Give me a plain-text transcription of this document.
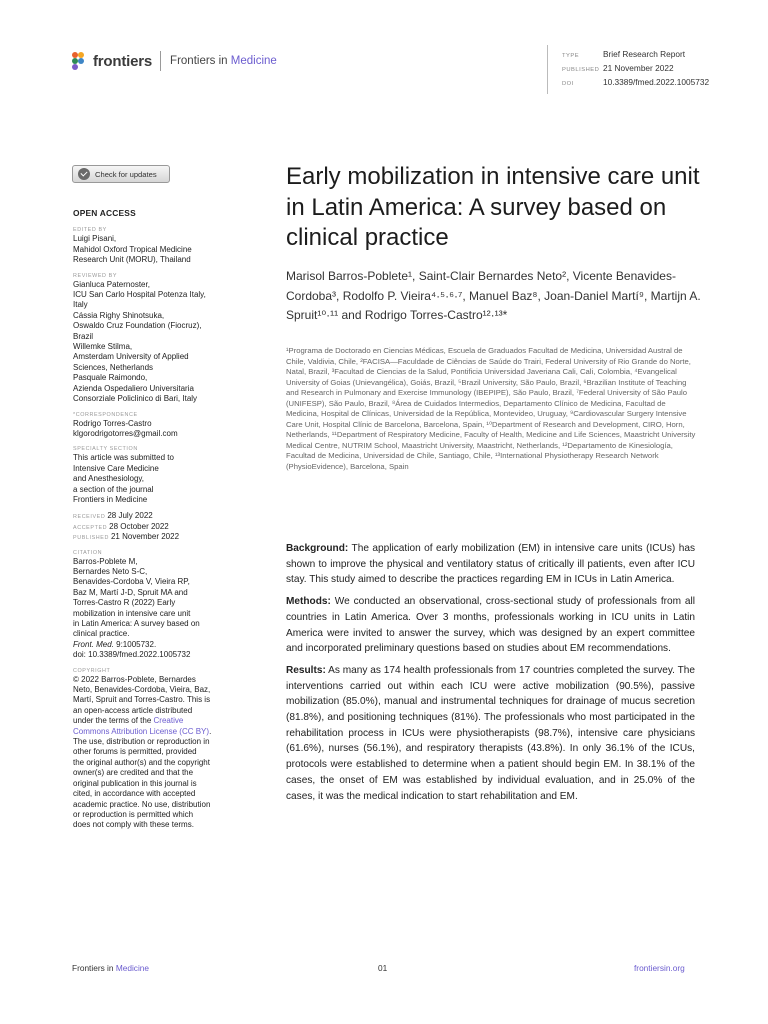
frontiers Frontiers in Medicine	TYPE	Brief Research Report
PUBLISHED 21 November 2022
DOI	10.3389/fmed.2022.1005732
Check for updates
OPEN ACCESS
EDITED BY
Luigi Pisani,
Mahidol Oxford Tropical Medicine
Research Unit (MORU), Thailand
REVIEWED BY
Gianluca Paternoster,
ICU San Carlo Hospital Potenza Italy,
Italy
Cássia Righy Shinotsuka,
Oswaldo Cruz Foundation (Fiocruz),
Brazil
Willemke Stilma,
Amsterdam University of Applied
Sciences, Netherlands
Pasquale Raimondo,
Azienda Ospedaliero Universitaria
Consorziale Policlinico di Bari, Italy
*CORRESPONDENCE
Rodrigo Torres-Castro
klgorodrigotorres@gmail.com
SPECIALTY SECTION
This article was submitted to
Intensive Care Medicine
and Anesthesiology,
a section of the journal
Frontiers in Medicine
RECEIVED 28 July 2022
ACCEPTED 28 October 2022
PUBLISHED 21 November 2022
CITATION
Barros-Poblete M,
Bernardes Neto S-C,
Benavides-Cordoba V, Vieira RP,
Baz M, Martí J-D, Spruit MA and
Torres-Castro R (2022) Early
mobilization in intensive care unit
in Latin America: A survey based on
clinical practice.
Front. Med. 9:1005732.
doi: 10.3389/fmed.2022.1005732
COPYRIGHT
© 2022 Barros-Poblete, Bernardes
Neto, Benavides-Cordoba, Vieira, Baz,
Martí, Spruit and Torres-Castro. This is
an open-access article distributed
under the terms of the Creative
Commons Attribution License (CC BY).
The use, distribution or reproduction in
other forums is permitted, provided
the original author(s) and the copyright
owner(s) are credited and that the
original publication in this journal is
cited, in accordance with accepted
academic practice. No use, distribution
or reproduction is permitted which
does not comply with these terms.
Early mobilization in intensive care unit in Latin America: A survey based on clinical practice
Marisol Barros-Poblete¹, Saint-Clair Bernardes Neto², Vicente Benavides-Cordoba³, Rodolfo P. Vieira⁴·⁵·⁶·⁷, Manuel Baz⁸, Joan-Daniel Martí⁹, Martijn A. Spruit¹⁰·¹¹ and Rodrigo Torres-Castro¹²·¹³*
¹Programa de Doctorado en Ciencias Médicas, Escuela de Graduados Facultad de Medicina, Universidad Austral de Chile, Valdivia, Chile, ²FACISA—Faculdade de Ciências de Saúde do Trairi, Federal University of Rio Grande do Norte, Natal, Brazil, ³Facultad de Ciencias de la Salud, Pontificia Universidad Javeriana Cali, Cali, Colombia, ⁴Evangelical University of Goias (Unievangélica), Goiás, Brazil, ⁵Brazil University, São Paulo, Brazil, ⁶Brazilian Institute of Teaching and Research in Pulmonary and Exercise Immunology (IBEPIPE), São Paulo, Brazil, ⁷Federal University of São Paulo (UNIFESP), São Paulo, Brazil, ⁸Área de Cuidados Intermedios, Departamento Clínico de Medicina, Facultad de Medicina, Hospital de Clínicas, Universidad de la República, Montevideo, Uruguay, ⁹Cardiovascular Surgery Intensive Care Unit, Hospital Clínic de Barcelona, Barcelona, Spain, ¹⁰Department of Research and Development, CIRO, Horn, Netherlands, ¹¹Department of Respiratory Medicine, Faculty of Health, Medicine and Life Sciences, Maastricht University Medical Centre, NUTRIM School, Maastricht University, Maastricht, Netherlands, ¹²Departamento de Kinesiología, Facultad de Medicina, Universidad de Chile, Santiago, Chile, ¹³International Physiotherapy Research Network (PhysioEvidence), Barcelona, Spain

Background: The application of early mobilization (EM) in intensive care units (ICUs) has shown to improve the physical and ventilatory status of critically ill patients, even after ICU stay. This study aimed to describe the practices regarding EM in ICUs in Latin America.

Methods: We conducted an observational, cross-sectional study of professionals from all countries in Latin America. Over 3 months, professionals working in ICU units in Latin America were invited to answer the survey, which was designed by an expert committee and incorporated preliminary questions based on studies about EM recommendations.

Results: As many as 174 health professionals from 17 countries completed the survey. The interventions carried out within each ICU were active mobilization (90.5%), passive mobilization (85.0%), manual and instrumental techniques for drainage of mucus secretion (81.8%), and positioning techniques (81%). The professionals who most participated in the rehabilitation process in ICUs were physiotherapists (98.7%), intensive care physicians (61.6%), nurses (56.1%), and respiratory therapists (43.8%). In only 36.1% of the ICUs, protocols were established to determine when a patient should begin EM. In 38.1% of the cases, the onset of EM was established by individual evaluation, and in 25.0% of the cases, it was the medical indication to start rehabilitation and EM.

Frontiers in Medicine	01	frontiersin.org
